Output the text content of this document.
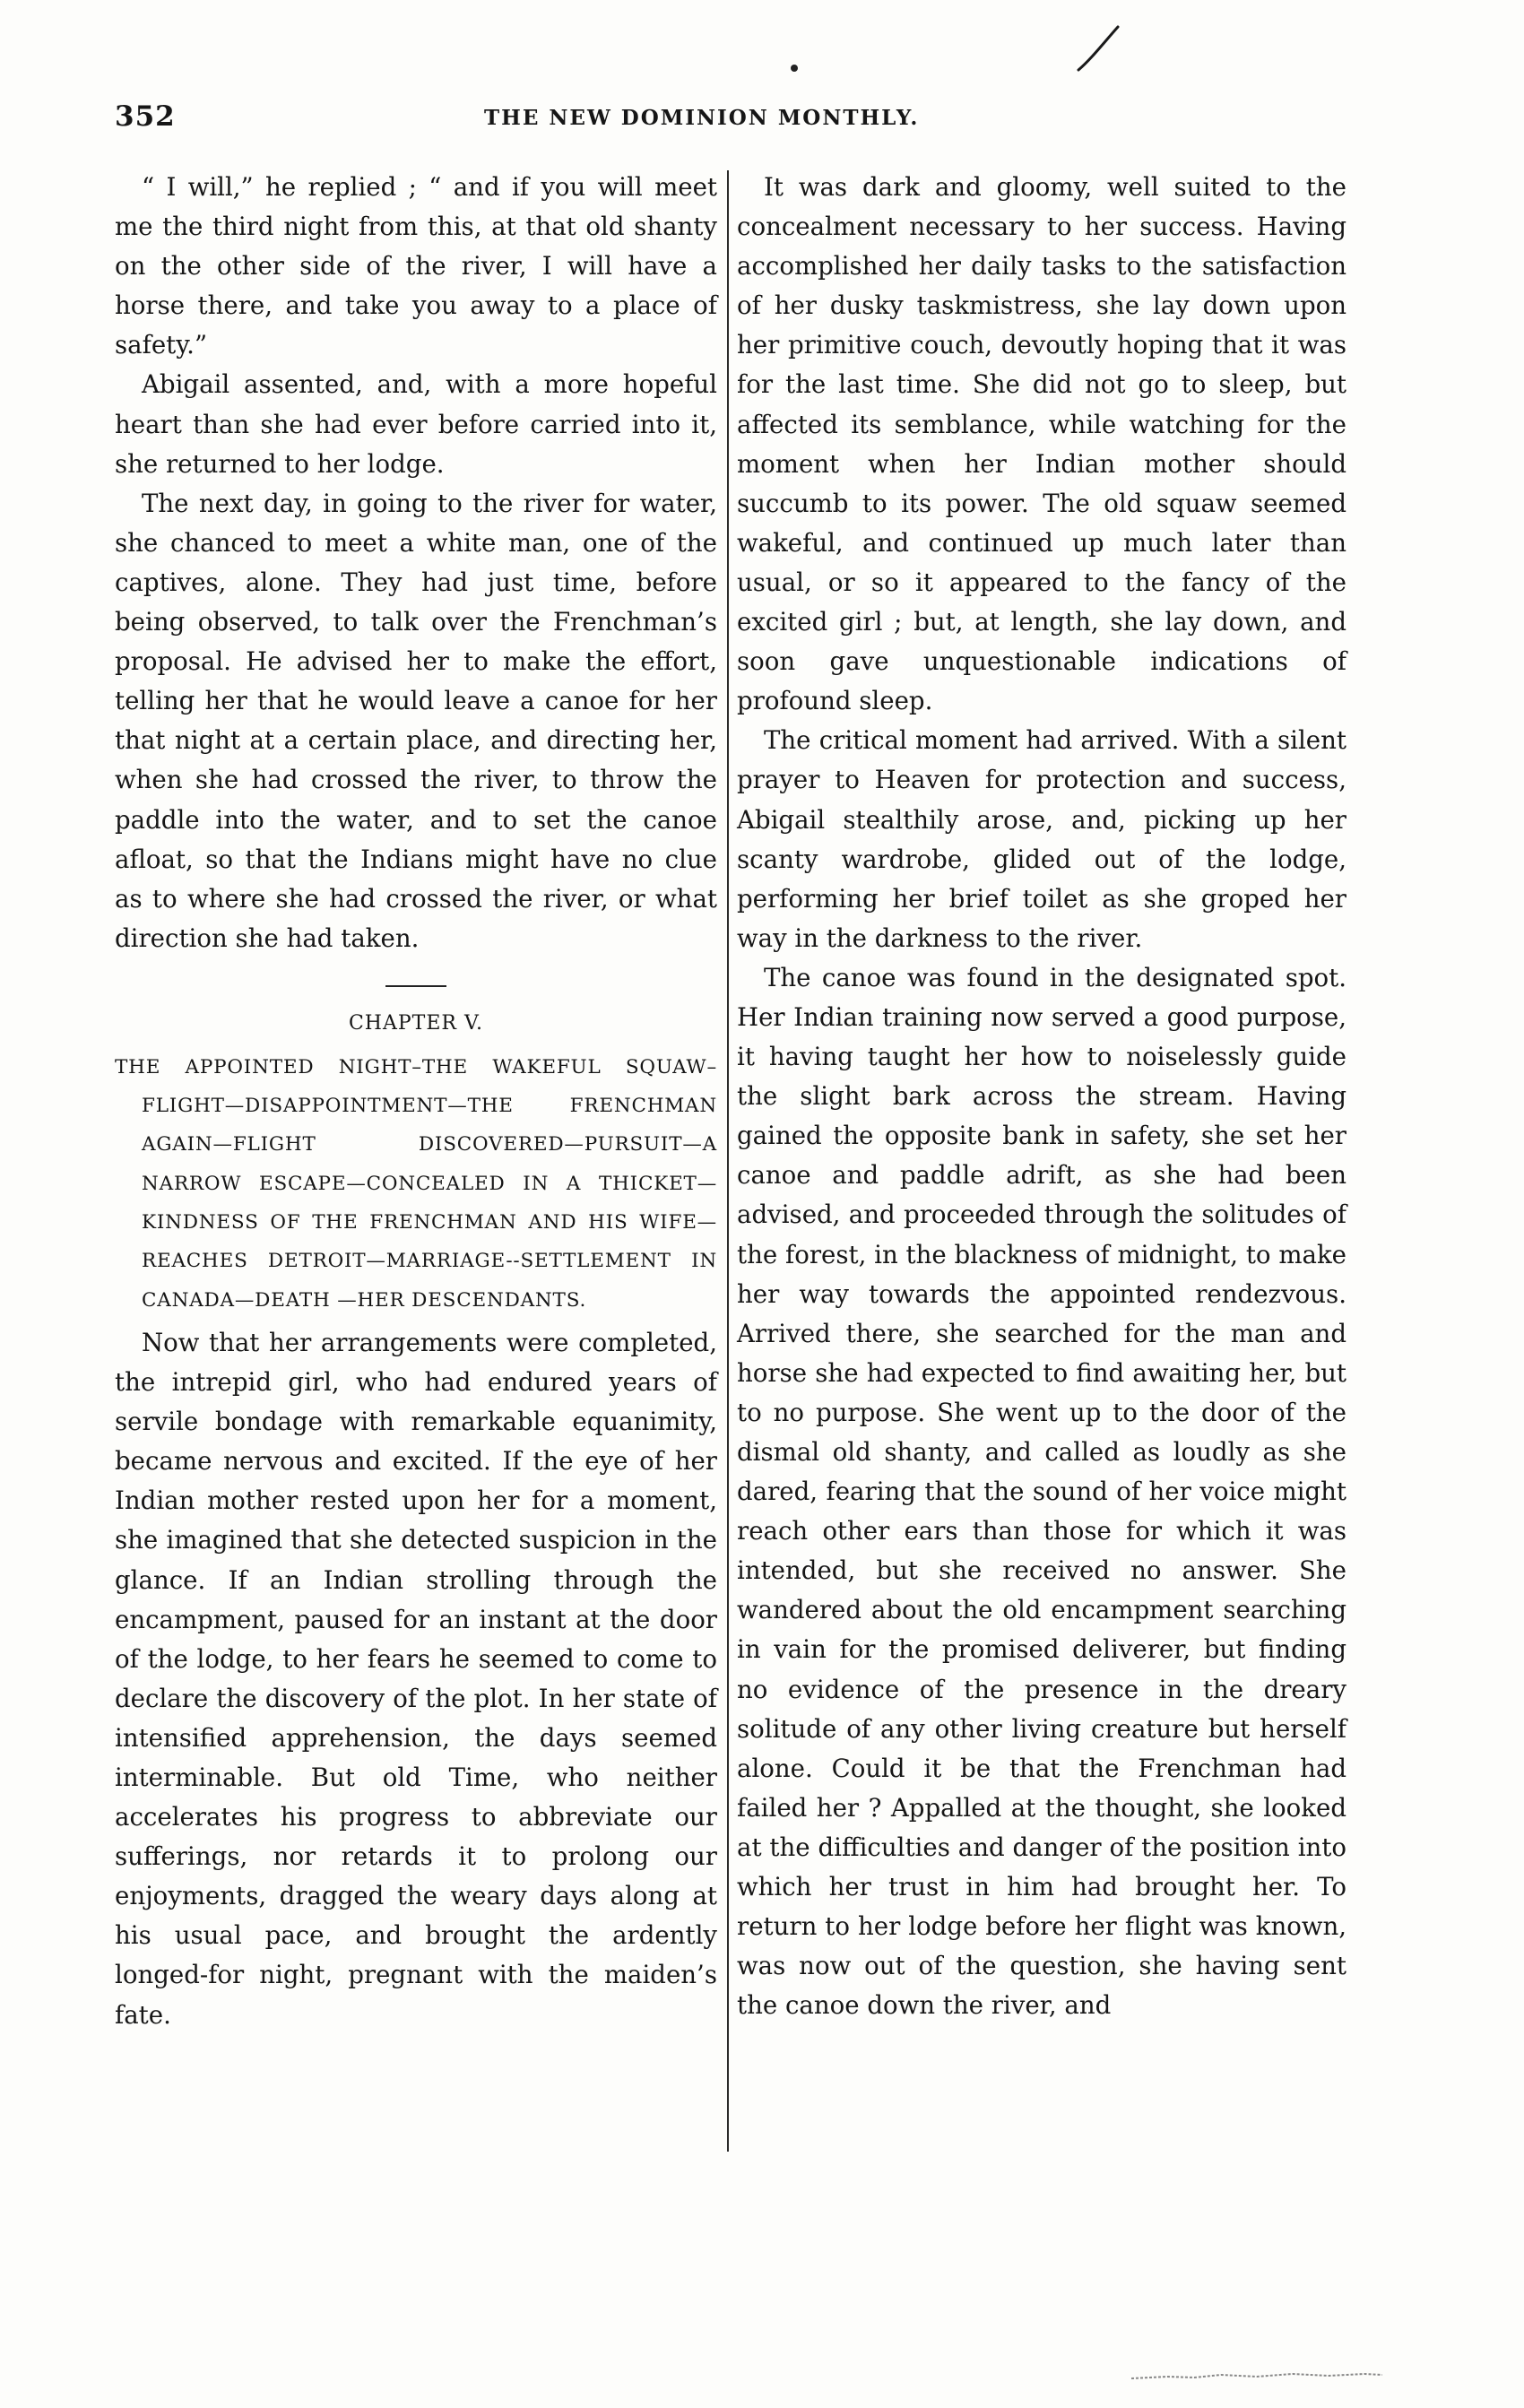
352	THE NEW DOMINION MONTHLY.

“ I will,” he replied ; “ and if you will meet me the third night from this, at that old shanty on the other side of the river, I will have a horse there, and take you away to a place of safety.”

Abigail assented, and, with a more hopeful heart than she had ever before carried into it, she returned to her lodge.

The next day, in going to the river for water, she chanced to meet a white man, one of the captives, alone. They had just time, before being observed, to talk over the Frenchman’s proposal. He advised her to make the effort, telling her that he would leave a canoe for her that night at a certain place, and directing her, when she had crossed the river, to throw the paddle into the water, and to set the canoe afloat, so that the Indians might have no clue as to where she had crossed the river, or what direction she had taken.

CHAPTER V.

THE APPOINTED NIGHT–THE WAKEFUL SQUAW–FLIGHT—DISAPPOINTMENT—THE FRENCHMAN AGAIN—FLIGHT DISCOVERED—PURSUIT—A NARROW ESCAPE—CONCEALED IN A THICKET—KINDNESS OF THE FRENCHMAN AND HIS WIFE—REACHES DETROIT—MARRIAGE--SETTLEMENT IN CANADA—DEATH —HER DESCENDANTS.

Now that her arrangements were completed, the intrepid girl, who had endured years of servile bondage with remarkable equanimity, became nervous and excited. If the eye of her Indian mother rested upon her for a moment, she imagined that she detected suspicion in the glance. If an Indian strolling through the encampment, paused for an instant at the door of the lodge, to her fears he seemed to come to declare the discovery of the plot. In her state of intensified apprehension, the days seemed interminable. But old Time, who neither accelerates his progress to abbreviate our sufferings, nor retards it to prolong our enjoyments, dragged the weary days along at his usual pace, and brought the ardently longed-for night, pregnant with the maiden’s fate.

It was dark and gloomy, well suited to the concealment necessary to her success. Having accomplished her daily tasks to the satisfaction of her dusky taskmistress, she lay down upon her primitive couch, devoutly hoping that it was for the last time. She did not go to sleep, but affected its semblance, while watching for the moment when her Indian mother should succumb to its power. The old squaw seemed wakeful, and continued up much later than usual, or so it appeared to the fancy of the excited girl ; but, at length, she lay down, and soon gave unquestionable indications of profound sleep.

The critical moment had arrived. With a silent prayer to Heaven for protection and success, Abigail stealthily arose, and, picking up her scanty wardrobe, glided out of the lodge, performing her brief toilet as she groped her way in the darkness to the river.

The canoe was found in the designated spot. Her Indian training now served a good purpose, it having taught her how to noiselessly guide the slight bark across the stream. Having gained the opposite bank in safety, she set her canoe and paddle adrift, as she had been advised, and proceeded through the solitudes of the forest, in the blackness of midnight, to make her way towards the appointed rendezvous. Arrived there, she searched for the man and horse she had expected to find awaiting her, but to no purpose. She went up to the door of the dismal old shanty, and called as loudly as she dared, fearing that the sound of her voice might reach other ears than those for which it was intended, but she received no answer. She wandered about the old encampment searching in vain for the promised deliverer, but finding no evidence of the presence in the dreary solitude of any other living creature but herself alone. Could it be that the Frenchman had failed her ? Appalled at the thought, she looked at the difficulties and danger of the position into which her trust in him had brought her. To return to her lodge before her flight was known, was now out of the question, she having sent the canoe down the river, and
